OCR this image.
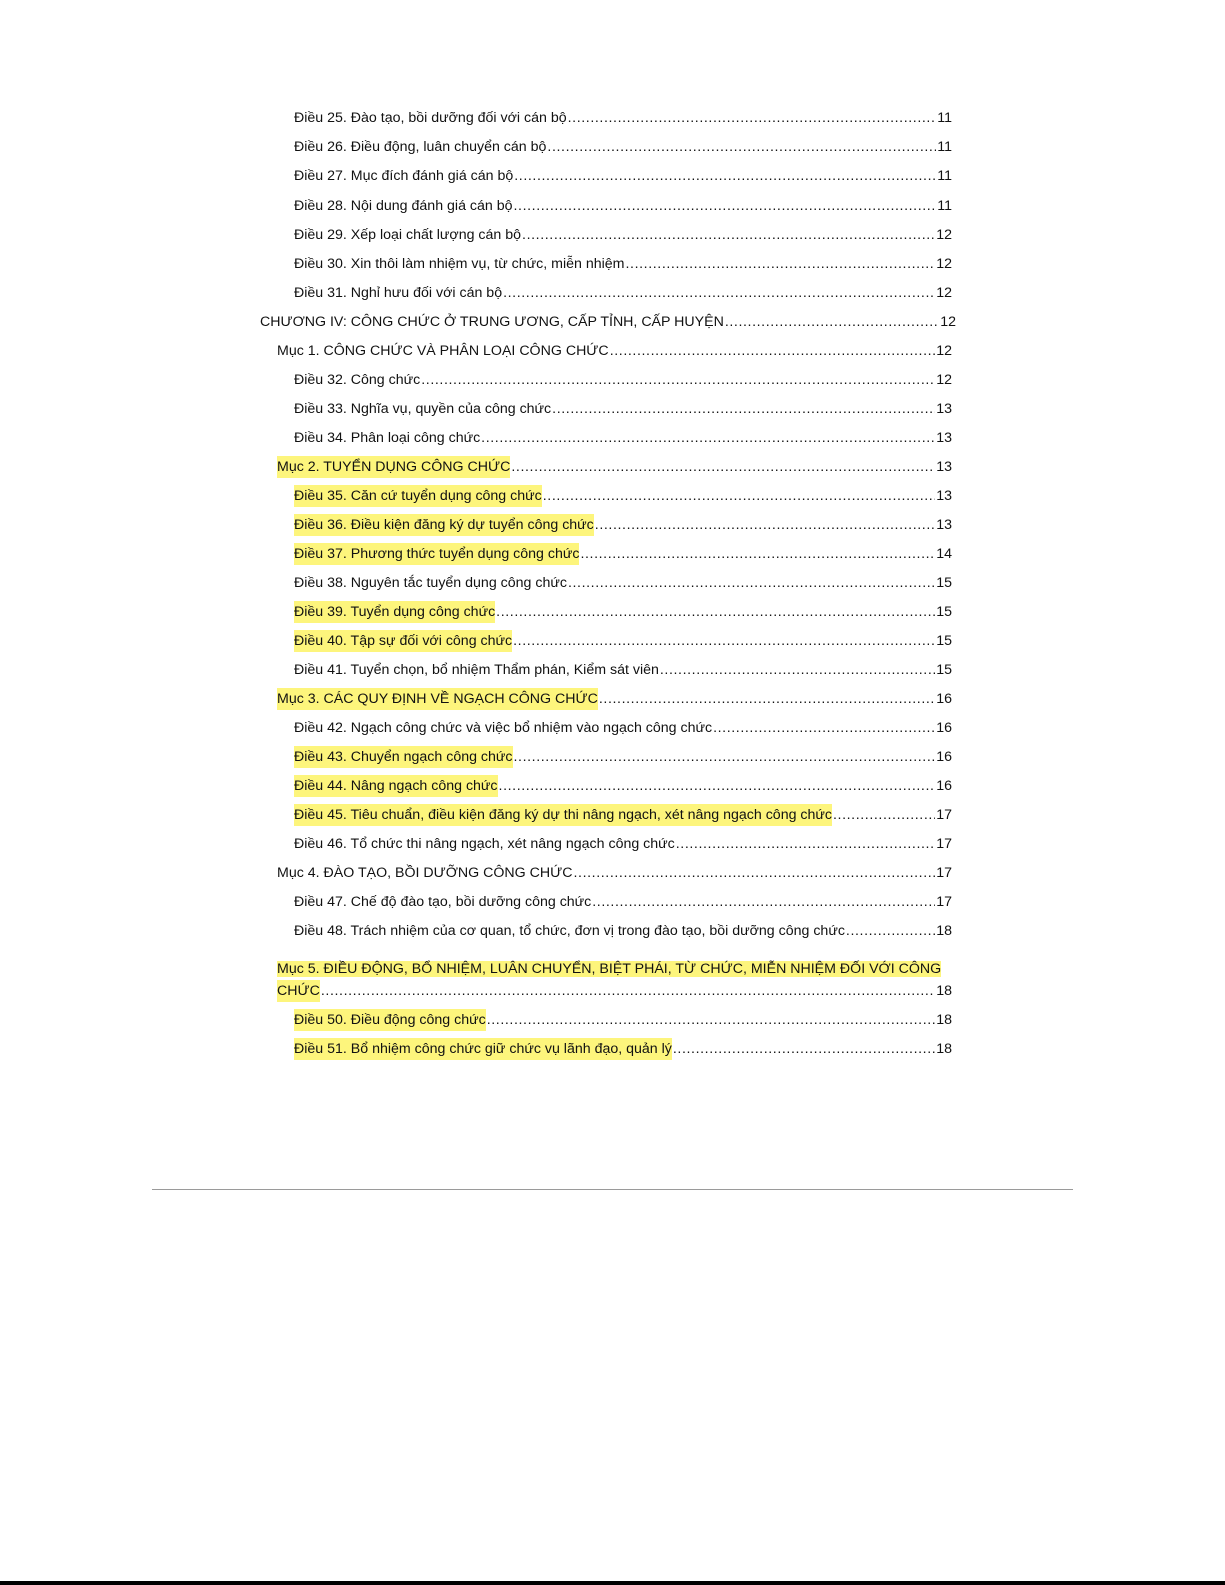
Điều 25. Đào tạo, bồi dưỡng đối với cán bộ .....	11
Điều 26. Điều động, luân chuyển cán bộ .....	11
Điều 27. Mục đích đánh giá cán bộ .....	11
Điều 28. Nội dung đánh giá cán bộ .....	11
Điều 29. Xếp loại chất lượng cán bộ .....	12
Điều 30. Xin thôi làm nhiệm vụ, từ chức, miễn nhiệm .....	12
Điều 31. Nghỉ hưu đối với cán bộ .....	12
CHƯƠNG IV: CÔNG CHỨC Ở TRUNG ƯƠNG, CẤP TỈNH, CẤP HUYỆN .....	12
Mục 1. CÔNG CHỨC VÀ PHÂN LOẠI CÔNG CHỨC .....	12
Điều 32. Công chức .....	12
Điều 33. Nghĩa vụ, quyền của công chức .....	13
Điều 34. Phân loại công chức .....	13
Mục 2. TUYỂN DỤNG CÔNG CHỨC .....	13
Điều 35. Căn cứ tuyển dụng công chức .....	13
Điều 36. Điều kiện đăng ký dự tuyển công chức .....	13
Điều 37. Phương thức tuyển dụng công chức .....	14
Điều 38. Nguyên tắc tuyển dụng công chức .....	15
Điều 39. Tuyển dụng công chức .....	15
Điều 40. Tập sự đối với công chức .....	15
Điều 41. Tuyển chọn, bổ nhiệm Thẩm phán, Kiểm sát viên .....	15
Mục 3. CÁC QUY ĐỊNH VỀ NGẠCH CÔNG CHỨC .....	16
Điều 42. Ngạch công chức và việc bổ nhiệm vào ngạch công chức .....	16
Điều 43. Chuyển ngạch công chức .....	16
Điều 44. Nâng ngạch công chức .....	16
Điều 45. Tiêu chuẩn, điều kiện đăng ký dự thi nâng ngạch, xét nâng ngạch công chức .....	17
Điều 46. Tổ chức thi nâng ngạch, xét nâng ngạch công chức .....	17
Mục 4. ĐÀO TẠO, BỒI DƯỠNG CÔNG CHỨC .....	17
Điều 47. Chế độ đào tạo, bồi dưỡng công chức .....	17
Điều 48. Trách nhiệm của cơ quan, tổ chức, đơn vị trong đào tạo, bồi dưỡng công chức .....	18
Mục 5. ĐIỀU ĐỘNG, BỔ NHIỆM, LUÂN CHUYỂN, BIỆT PHÁI, TỪ CHỨC, MIỄN NHIỆM ĐỐI VỚI CÔNG
CHỨC .....	18
Điều 50. Điều động công chức .....	18
Điều 51. Bổ nhiệm công chức giữ chức vụ lãnh đạo, quản lý .....	18
